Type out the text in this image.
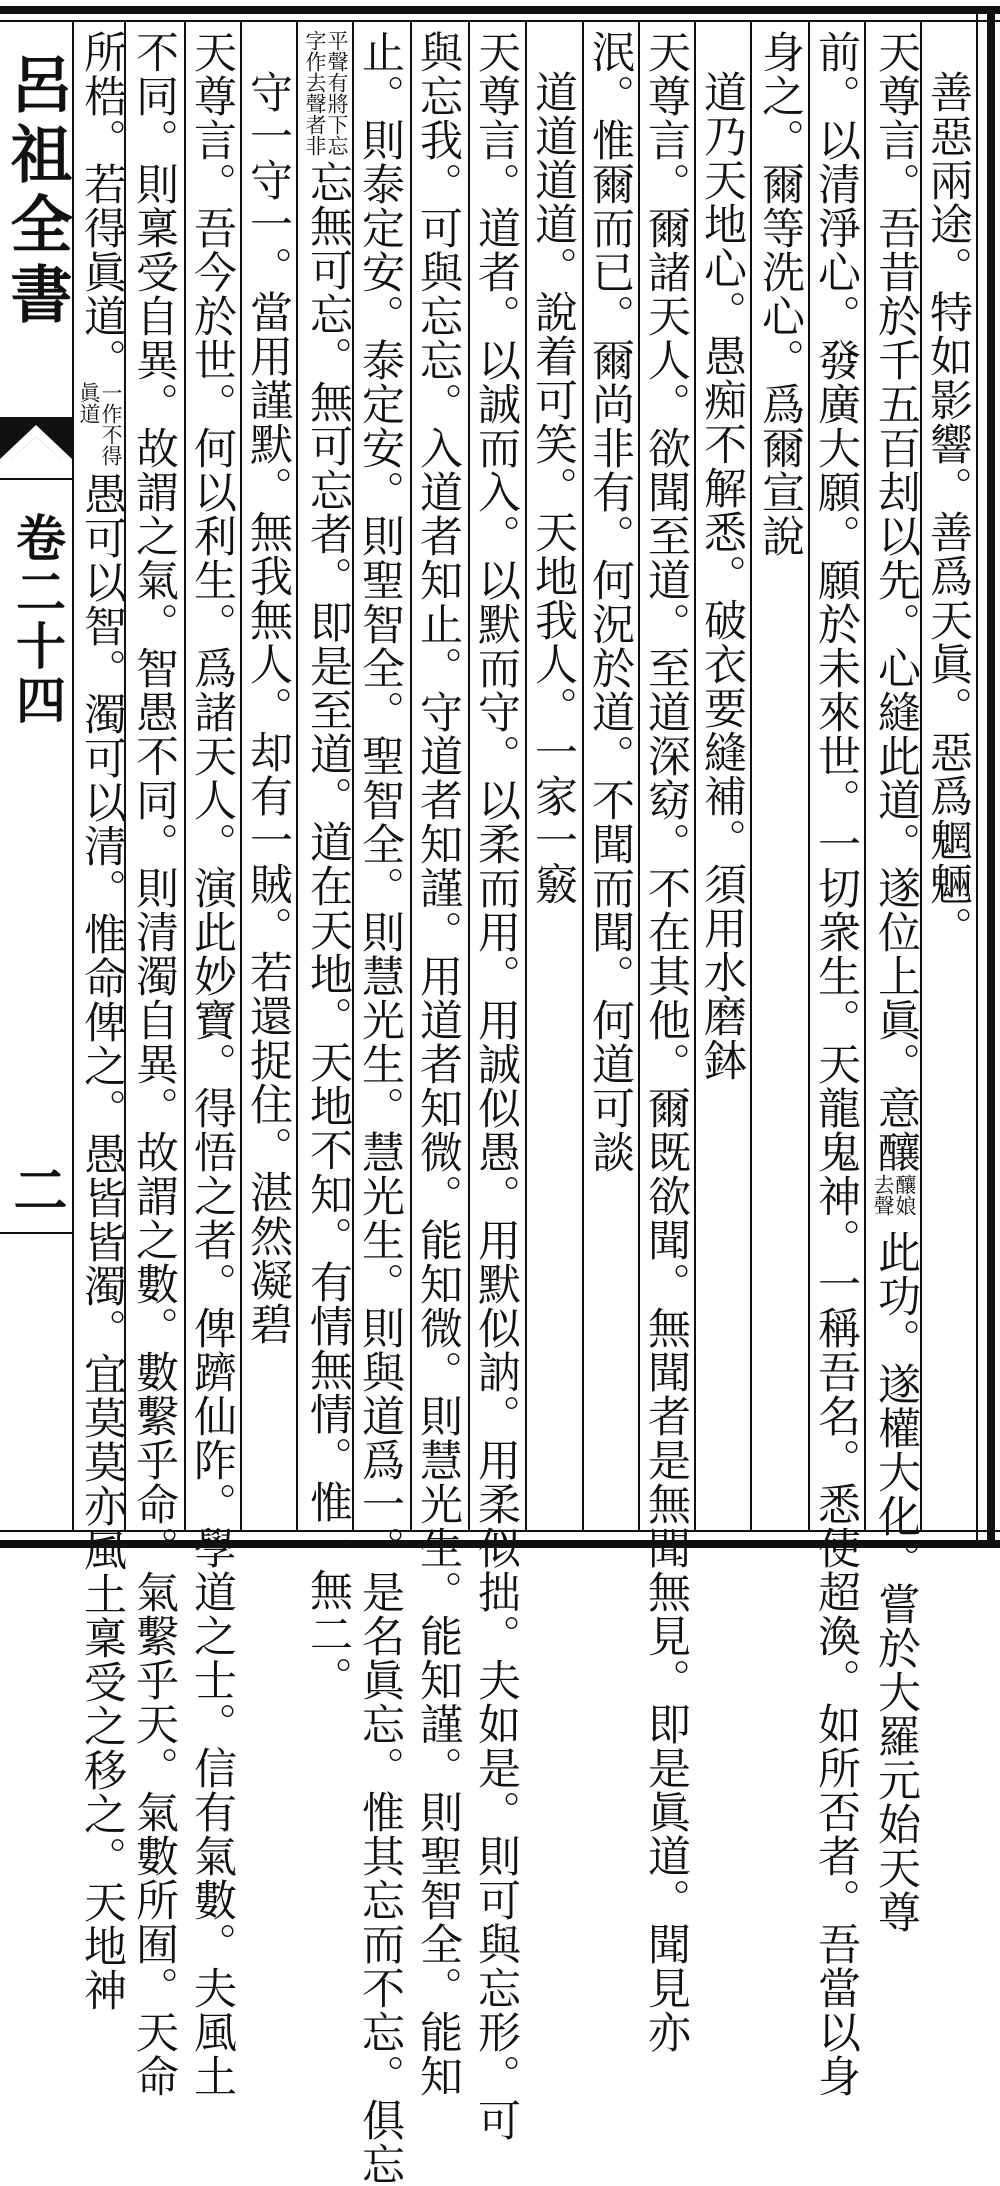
呂祖全書
卷二十四
二
善惡兩途。特如影響。善爲天眞。惡爲魍魎。
天尊言。吾昔於千五百刦以先。心縫此道。遂位上眞。意釀釀娘去聲此功。遂權大化。嘗於大羅元始天尊
前。以清淨心。發廣大願。願於未來世。一切衆生。天龍鬼神。一稱吾名。悉使超渙。如所否者。吾當以身
身之。爾等洗心。爲爾宣說
道乃天地心。愚痴不解悉。破衣要縫補。須用水磨鉢
天尊言。爾諸天人。欲聞至道。至道深窈。不在其他。爾既欲聞。無聞者是無聞無見。即是眞道。聞見亦
泯。惟爾而已。爾尚非有。何況於道。不聞而聞。何道可談
道道道道。說着可笑。天地我人。一家一竅
天尊言。道者。以誠而入。以默而守。以柔而用。用誠似愚。用默似訥。用柔似拙。夫如是。則可與忘形。可
與忘我。可與忘忘。入道者知止。守道者知謹。用道者知微。能知微。則慧光生。能知謹。則聖智全。能知
止。則泰定安。泰定安。則聖智全。聖智全。則慧光生。慧光生。則與道爲一。是名眞忘。惟其忘而不忘。俱忘
平聲有將下忘字作去聲者非忘無可忘。無可忘者。即是至道。道在天地。天地不知。有情無情。惟一無二。
守一守一。當用謹默。無我無人。却有一賊。若還捉住。湛然凝碧
天尊言。吾今於世。何以利生。爲諸天人。演此妙寶。得悟之者。俾躋仙阼。學道之士。信有氣數。夫風土
不同。則稟受自異。故謂之氣。智愚不同。則清濁自異。故謂之數。數繫乎命。氣繫乎天。氣數所囿。天命
所梏。若得眞道。一作不得眞道愚可以智。濁可以清。惟命俾之。愚皆皆濁。宜莫莫亦風土稟受之移之。天地神
